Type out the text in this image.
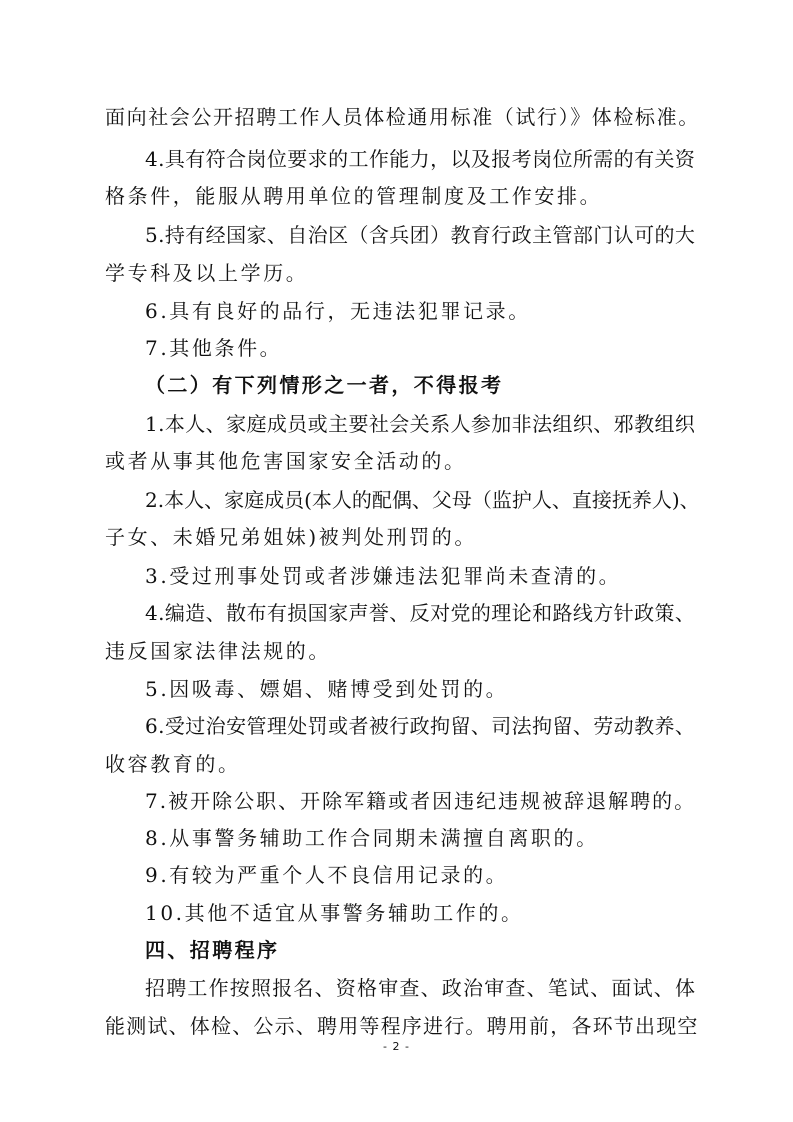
面向社会公开招聘工作人员体检通用标准（试行）》体检标准。
4.具有符合岗位要求的工作能力，以及报考岗位所需的有关资
格条件，能服从聘用单位的管理制度及工作安排。
5.持有经国家、自治区（含兵团）教育行政主管部门认可的大
学专科及以上学历。
6.具有良好的品行，无违法犯罪记录。
7.其他条件。
（二）有下列情形之一者，不得报考
1.本人、家庭成员或主要社会关系人参加非法组织、邪教组织
或者从事其他危害国家安全活动的。
2.本人、家庭成员(本人的配偶、父母（监护人、直接抚养人)、
子女、未婚兄弟姐妹)被判处刑罚的。
3.受过刑事处罚或者涉嫌违法犯罪尚未查清的。
4.编造、散布有损国家声誉、反对党的理论和路线方针政策、
违反国家法律法规的。
5.因吸毒、嫖娼、赌博受到处罚的。
6.受过治安管理处罚或者被行政拘留、司法拘留、劳动教养、
收容教育的。
7.被开除公职、开除军籍或者因违纪违规被辞退解聘的。
8.从事警务辅助工作合同期未满擅自离职的。
9.有较为严重个人不良信用记录的。
10.其他不适宜从事警务辅助工作的。
四、招聘程序
招聘工作按照报名、资格审查、政治审查、笔试、面试、体
能测试、体检、公示、聘用等程序进行。聘用前，各环节出现空
- 2 -
